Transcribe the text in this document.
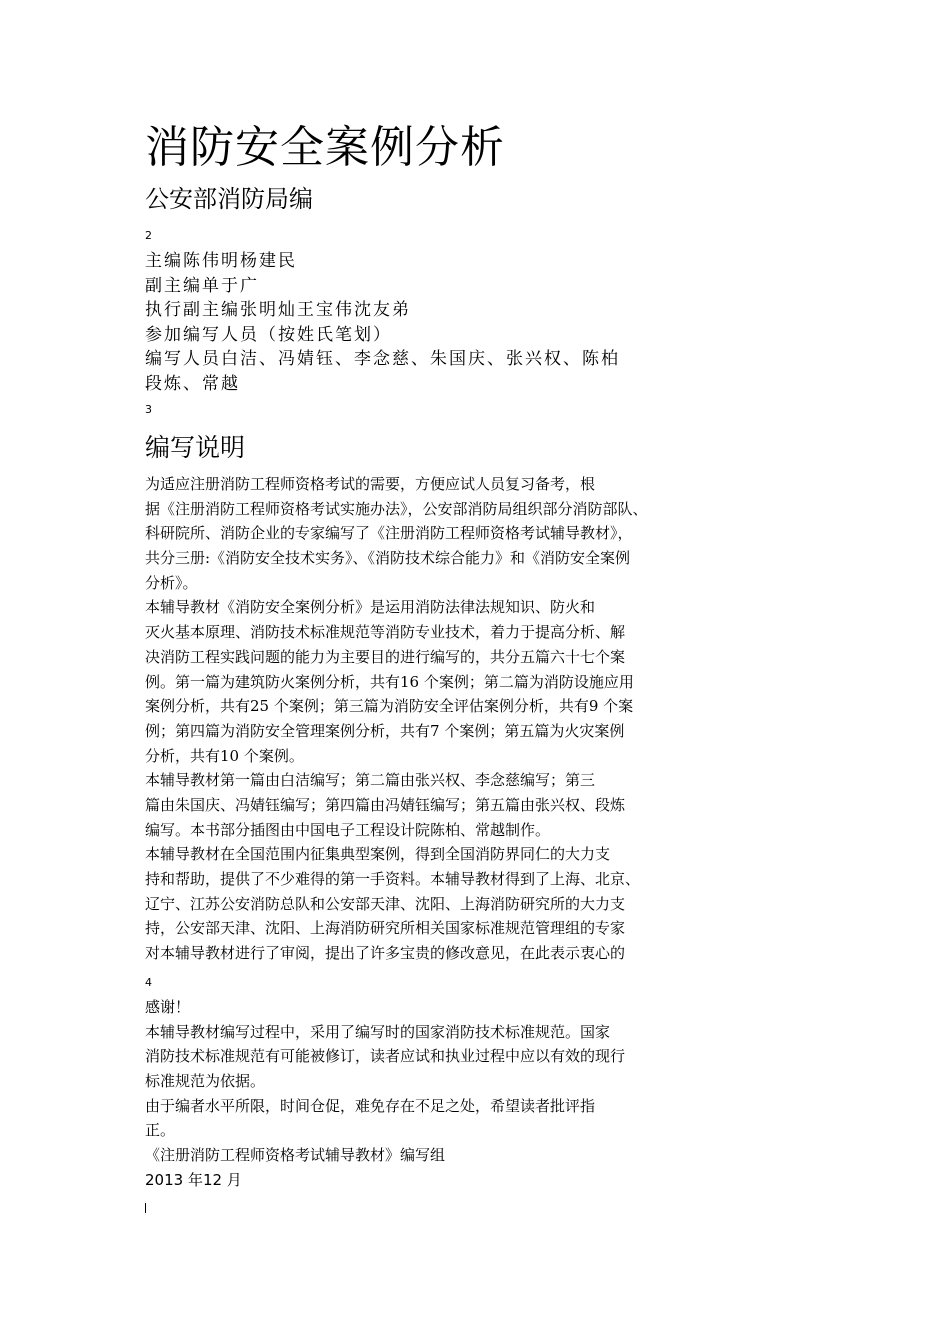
消防安全案例分析
公安部消防局编
2
主编陈伟明杨建民
副主编单于广
执行副主编张明灿王宝伟沈友弟
参加编写人员（按姓氏笔划）
编写人员白洁、冯婧钰、李念慈、朱国庆、张兴权、陈柏
段炼、常越
3
编写说明
为适应注册消防工程师资格考试的需要，方便应试人员复习备考，根
据《注册消防工程师资格考试实施办法》，公安部消防局组织部分消防部队、
科研院所、消防企业的专家编写了《注册消防工程师资格考试辅导教材》，
共分三册:《消防安全技术实务》、《消防技术综合能力》和《消防安全案例
分析》。
本辅导教材《消防安全案例分析》是运用消防法律法规知识、防火和
灭火基本原理、消防技术标准规范等消防专业技术，着力于提高分析、解
决消防工程实践问题的能力为主要目的进行编写的，共分五篇六十七个案
例。第一篇为建筑防火案例分析，共有16 个案例；第二篇为消防设施应用
案例分析，共有25 个案例；第三篇为消防安全评估案例分析，共有9 个案
例；第四篇为消防安全管理案例分析，共有7 个案例；第五篇为火灾案例
分析，共有10 个案例。
本辅导教材第一篇由白洁编写；第二篇由张兴权、李念慈编写；第三
篇由朱国庆、冯婧钰编写；第四篇由冯婧钰编写；第五篇由张兴权、段炼
编写。本书部分插图由中国电子工程设计院陈柏、常越制作。
本辅导教材在全国范围内征集典型案例，得到全国消防界同仁的大力支
持和帮助，提供了不少难得的第一手资料。本辅导教材得到了上海、北京、
辽宁、江苏公安消防总队和公安部天津、沈阳、上海消防研究所的大力支
持，公安部天津、沈阳、上海消防研究所相关国家标准规范管理组的专家
对本辅导教材进行了审阅，提出了许多宝贵的修改意见，在此表示衷心的
4
感谢！
本辅导教材编写过程中，采用了编写时的国家消防技术标准规范。国家
消防技术标准规范有可能被修订，读者应试和执业过程中应以有效的现行
标准规范为依据。
由于编者水平所限，时间仓促，难免存在不足之处，希望读者批评指
正。
《注册消防工程师资格考试辅导教材》编写组
2013 年12 月
